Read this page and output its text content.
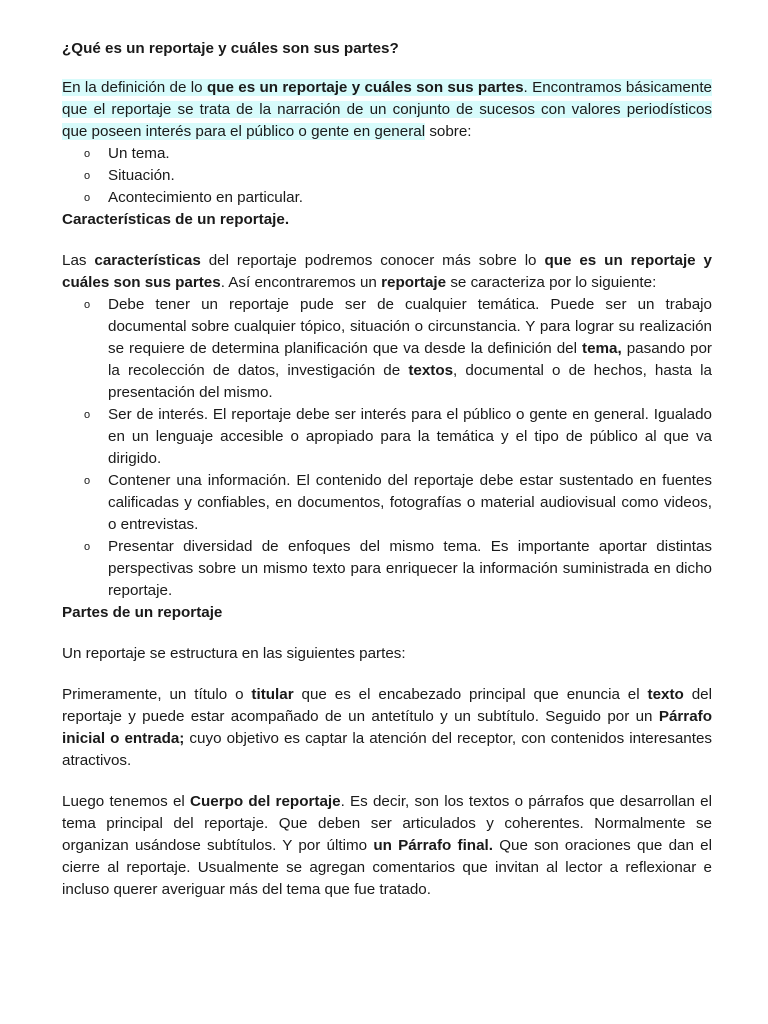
¿Qué es un reportaje y cuáles son sus partes?

En la definición de lo que es un reportaje y cuáles son sus partes. Encontramos básicamente que el reportaje se trata de la narración de un conjunto de sucesos con valores periodísticos que poseen interés para el público o gente en general sobre:

o Un tema.
o Situación.
o Acontecimiento en particular.
Características de un reportaje.

Las características del reportaje podremos conocer más sobre lo que es un reportaje y cuáles son sus partes. Así encontraremos un reportaje se caracteriza por lo siguiente:

o Debe tener un reportaje pude ser de cualquier temática. Puede ser un trabajo documental sobre cualquier tópico, situación o circunstancia. Y para lograr su realización se requiere de determina planificación que va desde la definición del tema, pasando por la recolección de datos, investigación de textos, documental o de hechos, hasta la presentación del mismo.
o Ser de interés. El reportaje debe ser interés para el público o gente en general. Igualado en un lenguaje accesible o apropiado para la temática y el tipo de público al que va dirigido.
o Contener una información. El contenido del reportaje debe estar sustentado en fuentes calificadas y confiables, en documentos, fotografías o material audiovisual como videos, o entrevistas.
o Presentar diversidad de enfoques del mismo tema. Es importante aportar distintas perspectivas sobre un mismo texto para enriquecer la información suministrada en dicho reportaje.
Partes de un reportaje

Un reportaje se estructura en las siguientes partes:

Primeramente, un título o titular que es el encabezado principal que enuncia el texto del reportaje y puede estar acompañado de un antetítulo y un subtítulo. Seguido por un Párrafo inicial o entrada; cuyo objetivo es captar la atención del receptor, con contenidos interesantes atractivos.

Luego tenemos el Cuerpo del reportaje. Es decir, son los textos o párrafos que desarrollan el tema principal del reportaje. Que deben ser articulados y coherentes. Normalmente se organizan usándose subtítulos. Y por último un Párrafo final. Que son oraciones que dan el cierre al reportaje. Usualmente se agregan comentarios que invitan al lector a reflexionar e incluso querer averiguar más del tema que fue tratado.
